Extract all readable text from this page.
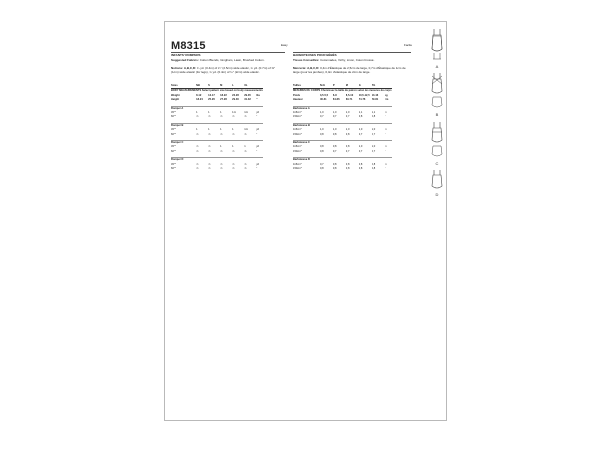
M8315	Easy	Facile
INFANTS' ROMPERS
Suggested Fabrics: Cotton Blends, Gingham, Lawn, Brushed Cotton.
Notions: A,B,C,D: ¾ yd. (0.4m) of ¼" (2.5cm) wide elastic, ¾ yd. (0.7m) of ⅜" (1cm) wide elastic (for legs), ¾ yd. (0.4m) of ¼" (2cm) wide elastic.
BARBOTEUSES POUR BÉBÉS
Tissus Conseillés: Cotonnades, Vichy, Linon, Coton brossé.
Mercerie: A,B,C,D: 0,4m d'Élastique de 2,5cm de large, 0,7m d'Élastique de 1cm de large (pour les jambes), 0,4m d'élastique de 2cm de large.
Sizes	NB	S	M	L	XL	
BODY MEASUREMENTS Select pattern size based on body measurements						
Weight	8-12	13-17	18-22	23-28	29-35	lbs
Height	18-24	25-26	27-28	29-30	31-32	"

Romper A						
45"*	1	1	1	1⅛	1⅛	yd
60"*	⅞	⅞	⅞	⅞	⅞	"

Romper B						
45"*	1	1	1	1	1⅛	yd
60"*	⅞	⅞	⅞	⅞	⅞	"

Romper C						
45"*	⅞	⅞	1	1	1	yd
60"*	⅞	⅞	⅞	⅞	⅞	"

Romper D						
45"*	⅞	⅞	⅞	⅞	⅞	yd
60"*	⅞	⅞	⅞	⅞	⅞	"
Tailles	N.N.	P	M	G	TG	
MESURES DU CORPS Choisissez la taille du patron selon les mesures du corps						
Poids	3,5-5,5	6-8	8,5-10	10,5-12,5	13-16	kg
Hauteur	46-61	64-66	69-71	74-76	79-81	cm

Barboteuse A						
115cm*	1,0	1,0	1,0	1,1	1,1	m
150cm*	0,7	0,7	0,7	0,8	0,8	"

Barboteuse B						
115cm*	1,0	1,0	1,0	1,0	1,0	m
150cm*	0,8	0,8	0,8	0,7	0,7	"

Barboteuse C						
115cm*	0,8	0,8	0,8	1,0	1,0	m
150cm*	0,8	0,7	0,7	0,7	0,7	"

Barboteuse D						
115cm*	0,7	0,8	0,8	0,8	0,8	m
150cm*	0,8	0,8	0,8	0,8	0,8	"
A
B
C
D
